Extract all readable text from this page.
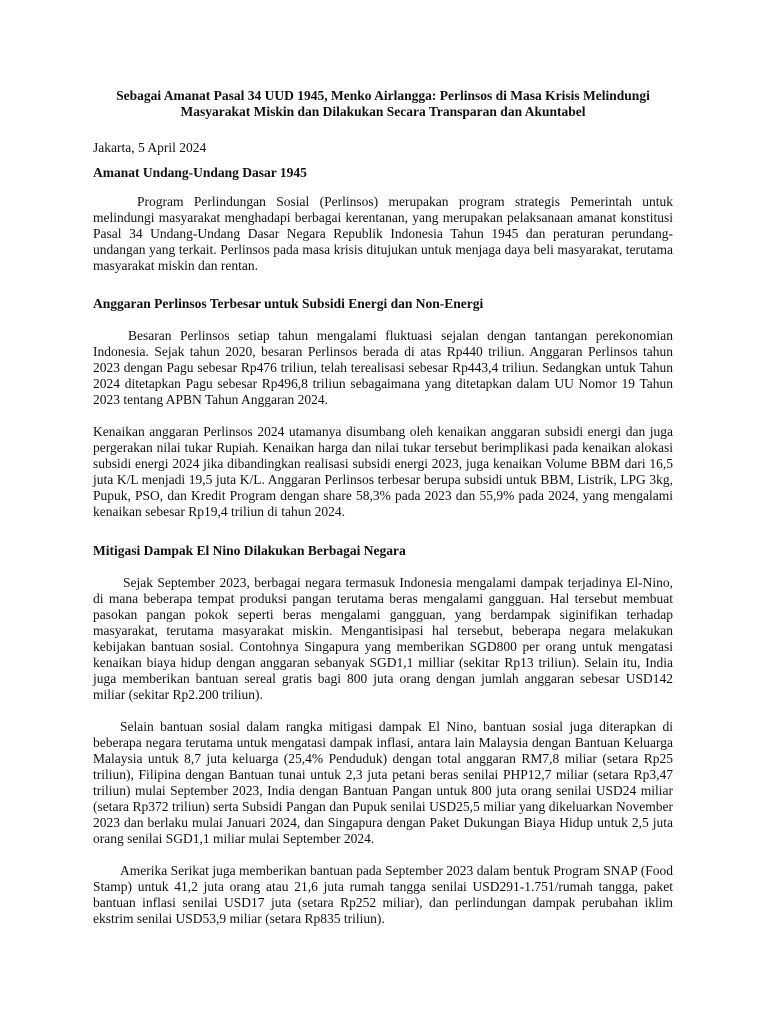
Sebagai Amanat Pasal 34 UUD 1945, Menko Airlangga: Perlinsos di Masa Krisis Melindungi Masyarakat Miskin dan Dilakukan Secara Transparan dan Akuntabel
Jakarta, 5 April 2024
Amanat Undang-Undang Dasar 1945

Program Perlindungan Sosial (Perlinsos) merupakan program strategis Pemerintah untuk melindungi masyarakat menghadapi berbagai kerentanan, yang merupakan pelaksanaan amanat konstitusi Pasal 34 Undang-Undang Dasar Negara Republik Indonesia Tahun 1945 dan peraturan perundang-undangan yang terkait. Perlinsos pada masa krisis ditujukan untuk menjaga daya beli masyarakat, terutama masyarakat miskin dan rentan.

Anggaran Perlinsos Terbesar untuk Subsidi Energi dan Non-Energi

Besaran Perlinsos setiap tahun mengalami fluktuasi sejalan dengan tantangan perekonomian Indonesia. Sejak tahun 2020, besaran Perlinsos berada di atas Rp440 triliun. Anggaran Perlinsos tahun 2023 dengan Pagu sebesar Rp476 triliun, telah terealisasi sebesar Rp443,4 triliun. Sedangkan untuk Tahun 2024 ditetapkan Pagu sebesar Rp496,8 triliun sebagaimana yang ditetapkan dalam UU Nomor 19 Tahun 2023 tentang APBN Tahun Anggaran 2024.

Kenaikan anggaran Perlinsos 2024 utamanya disumbang oleh kenaikan anggaran subsidi energi dan juga pergerakan nilai tukar Rupiah. Kenaikan harga dan nilai tukar tersebut berimplikasi pada kenaikan alokasi subsidi energi 2024 jika dibandingkan realisasi subsidi energi 2023, juga kenaikan Volume BBM dari 16,5 juta K/L menjadi 19,5 juta K/L. Anggaran Perlinsos terbesar berupa subsidi untuk BBM, Listrik, LPG 3kg, Pupuk, PSO, dan Kredit Program dengan share 58,3% pada 2023 dan 55,9% pada 2024, yang mengalami kenaikan sebesar Rp19,4 triliun di tahun 2024.

Mitigasi Dampak El Nino Dilakukan Berbagai Negara

Sejak September 2023, berbagai negara termasuk Indonesia mengalami dampak terjadinya El-Nino, di mana beberapa tempat produksi pangan terutama beras mengalami gangguan. Hal tersebut membuat pasokan pangan pokok seperti beras mengalami gangguan, yang berdampak siginifikan terhadap masyarakat, terutama masyarakat miskin. Mengantisipasi hal tersebut, beberapa negara melakukan kebijakan bantuan sosial. Contohnya Singapura yang memberikan SGD800 per orang untuk mengatasi kenaikan biaya hidup dengan anggaran sebanyak SGD1,1 milliar (sekitar Rp13 triliun). Selain itu, India juga memberikan bantuan sereal gratis bagi 800 juta orang dengan jumlah anggaran sebesar USD142 miliar (sekitar Rp2.200 triliun).

Selain bantuan sosial dalam rangka mitigasi dampak El Nino, bantuan sosial juga diterapkan di beberapa negara terutama untuk mengatasi dampak inflasi, antara lain Malaysia dengan Bantuan Keluarga Malaysia untuk 8,7 juta keluarga (25,4% Penduduk) dengan total anggaran RM7,8 miliar (setara Rp25 triliun), Filipina dengan Bantuan tunai untuk 2,3 juta petani beras senilai PHP12,7 miliar (setara Rp3,47 triliun) mulai September 2023, India dengan Bantuan Pangan untuk 800 juta orang senilai USD24 miliar (setara Rp372 triliun) serta Subsidi Pangan dan Pupuk senilai USD25,5 miliar yang dikeluarkan November 2023 dan berlaku mulai Januari 2024, dan Singapura dengan Paket Dukungan Biaya Hidup untuk 2,5 juta orang senilai SGD1,1 miliar mulai September 2024.

Amerika Serikat juga memberikan bantuan pada September 2023 dalam bentuk Program SNAP (Food Stamp) untuk 41,2 juta orang atau 21,6 juta rumah tangga senilai USD291-1.751/rumah tangga, paket bantuan inflasi senilai USD17 juta (setara Rp252 miliar), dan perlindungan dampak perubahan iklim ekstrim senilai USD53,9 miliar (setara Rp835 triliun).
